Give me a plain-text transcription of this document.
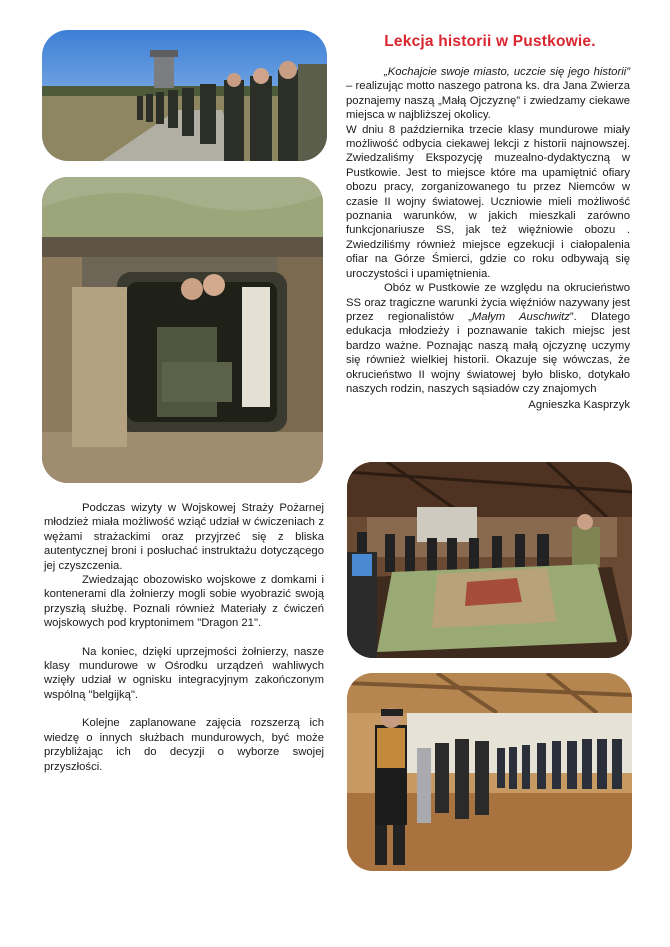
Lekcja historii w Pustkowie.

„Kochajcie swoje miasto, uczcie się jego historii” – realizując motto naszego patrona ks. dra Jana Zwierza poznajemy naszą „Małą Ojczyznę” i zwiedzamy ciekawe miejsca w najbliższej okolicy.

W dniu 8 października trzecie klasy mundurowe miały możliwość odbycia ciekawej lekcji z historii najnowszej. Zwiedzaliśmy Ekspozycję muzealno-dydaktyczną w Pustkowie. Jest to miejsce które ma upamiętnić ofiary obozu pracy, zorganizowanego tu przez Niemców w czasie II wojny światowej. Uczniowie mieli możliwość poznania warunków, w jakich mieszkali zarówno funkcjonariusze SS, jak też więźniowie obozu . Zwiedziliśmy również miejsce egzekucji i ciałopalenia ofiar na Górze Śmierci, gdzie co roku odbywają się uroczystości i upamiętnienia.

Obóz w Pustkowie ze względu na okrucieństwo SS oraz tragiczne warunki życia więźniów nazywany jest przez regionalistów „Małym Auschwitz”. Dlatego edukacja młodzieży i poznawanie takich miejsc jest bardzo ważne. Poznając naszą małą ojczyznę uczymy się również wielkiej historii. Okazuje się wówczas, że okrucieństwo II wojny światowej było blisko, dotykało naszych rodzin, naszych sąsiadów czy znajomych

Agnieszka Kasprzyk

Podczas wizyty w Wojskowej Straży Pożarnej młodzież miała możliwość wziąć udział w ćwiczeniach z wężami strażackimi oraz przyjrzeć się z bliska autentycznej broni i posłuchać instruktażu dotyczącego jej czyszczenia.

Zwiedzając obozowisko wojskowe z domkami i kontenerami dla żołnierzy mogli sobie wyobrazić swoją przyszłą służbę. Poznali również Materiały z ćwiczeń wojskowych pod kryptonimem "Dragon 21".

Na koniec, dzięki uprzejmości żołnierzy, nasze klasy mundurowe w Ośrodku urządzeń wahliwych wzięły udział w ognisku integracyjnym zakończonym wspólną "belgijką".

Kolejne zaplanowane zajęcia rozszerzą ich wiedzę o innych służbach mundurowych, być może przybliżając ich do decyzji o wyborze swojej przyszłości.
